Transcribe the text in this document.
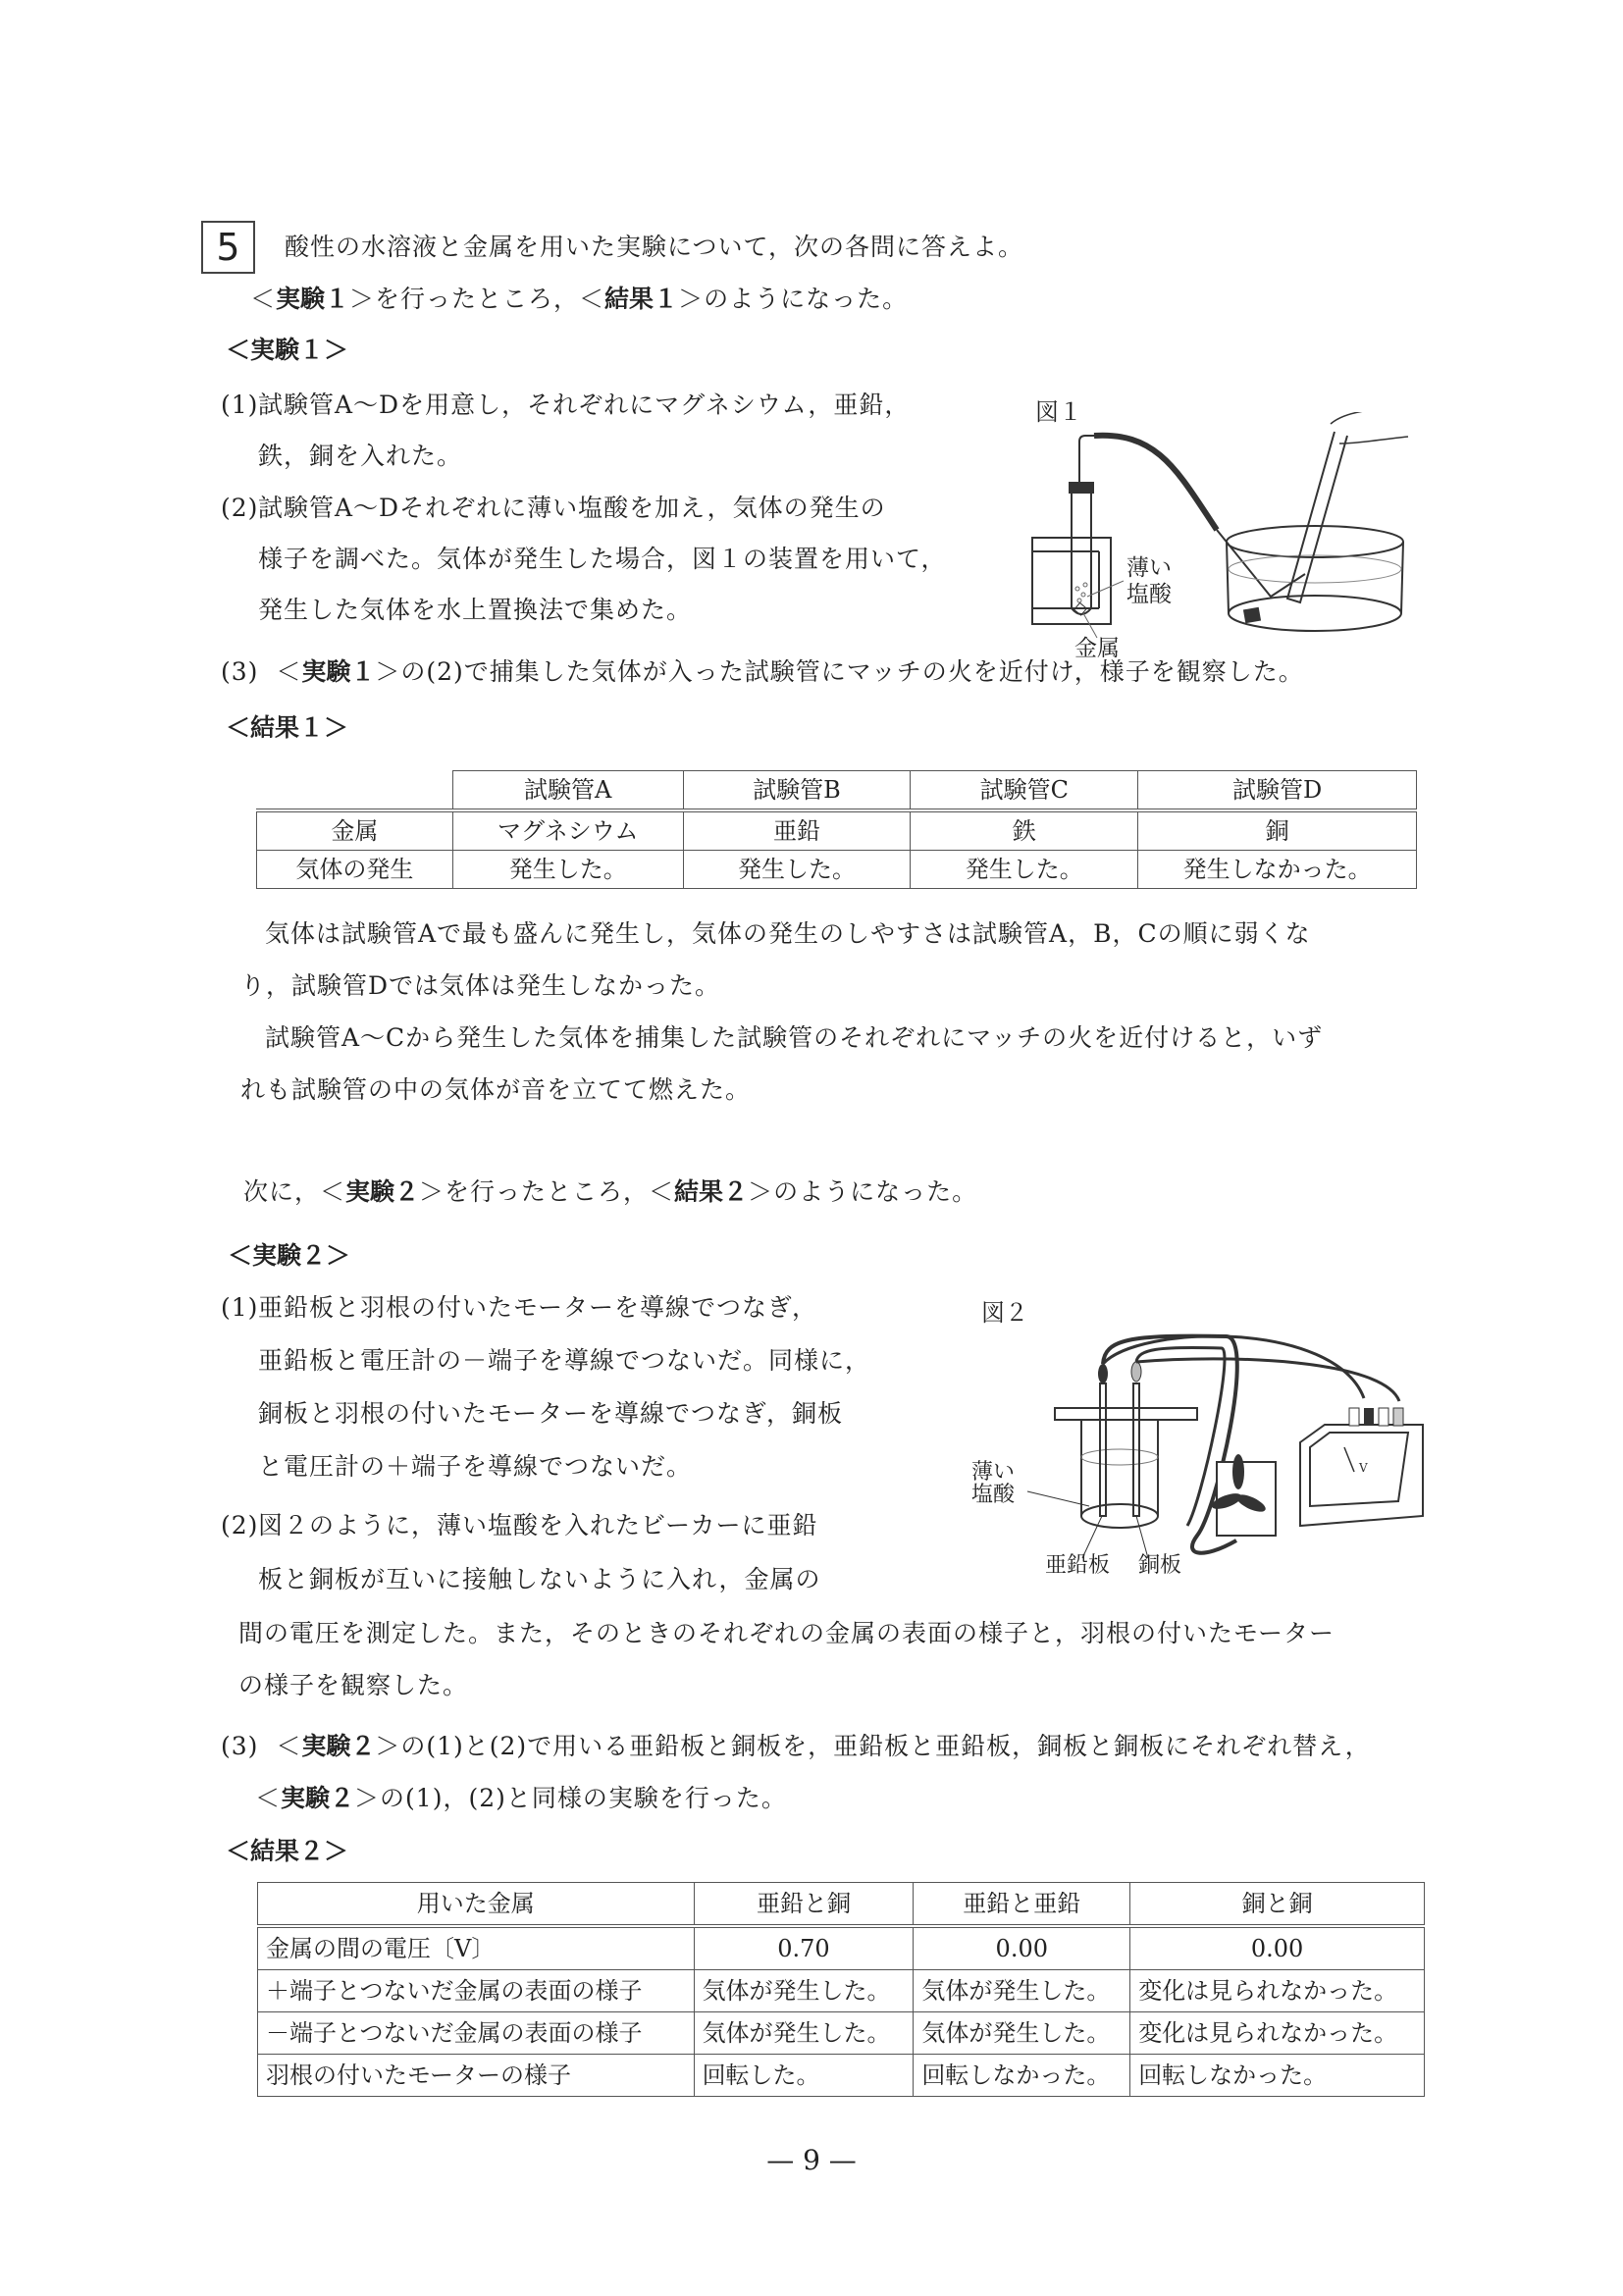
5	酸性の水溶液と金属を用いた実験について，次の各問に答えよ。
＜実験１＞を行ったところ，＜結果１＞のようになった。
＜実験１＞
(1) 試験管A～Dを用意し，それぞれにマグネシウム，亜鉛，
鉄，銅を入れた。
(2) 試験管A～Dそれぞれに薄い塩酸を加え，気体の発生の
様子を調べた。気体が発生した場合，図１の装置を用いて，
発生した気体を水上置換法で集めた。
(3) ＜実験１＞の(2)で捕集した気体が入った試験管にマッチの火を近付け，様子を観察した。
図１
薄い
塩酸
金属
＜結果１＞
	試験管A	試験管B	試験管C	試験管D
金属	マグネシウム	亜鉛	鉄	銅
気体の発生	発生した。	発生した。	発生した。	発生しなかった。
気体は試験管Aで最も盛んに発生し，気体の発生のしやすさは試験管A，B，Cの順に弱くな
り，試験管Dでは気体は発生しなかった。
試験管A～Cから発生した気体を捕集した試験管のそれぞれにマッチの火を近付けると，いず
れも試験管の中の気体が音を立てて燃えた。
次に，＜実験２＞を行ったところ，＜結果２＞のようになった。
＜実験２＞
(1) 亜鉛板と羽根の付いたモーターを導線でつなぎ，
亜鉛板と電圧計の－端子を導線でつないだ。同様に，
銅板と羽根の付いたモーターを導線でつなぎ，銅板
と電圧計の＋端子を導線でつないだ。
(2) 図２のように，薄い塩酸を入れたビーカーに亜鉛
板と銅板が互いに接触しないように入れ，金属の
間の電圧を測定した。また，そのときのそれぞれの金属の表面の様子と，羽根の付いたモーター
の様子を観察した。
(3) ＜実験２＞の(1)と(2)で用いる亜鉛板と銅板を，亜鉛板と亜鉛板，銅板と銅板にそれぞれ替え，
＜実験２＞の(1)，(2)と同様の実験を行った。
図２
V
薄い
塩酸
亜鉛板 銅板
＜結果２＞
用いた金属	亜鉛と銅	亜鉛と亜鉛	銅と銅
金属の間の電圧〔V〕	0.70	0.00	0.00
＋端子とつないだ金属の表面の様子	気体が発生した。	気体が発生した。	変化は見られなかった。
－端子とつないだ金属の表面の様子	気体が発生した。	気体が発生した。	変化は見られなかった。
羽根の付いたモーターの様子	回転した。	回転しなかった。	回転しなかった。
— 9 —
